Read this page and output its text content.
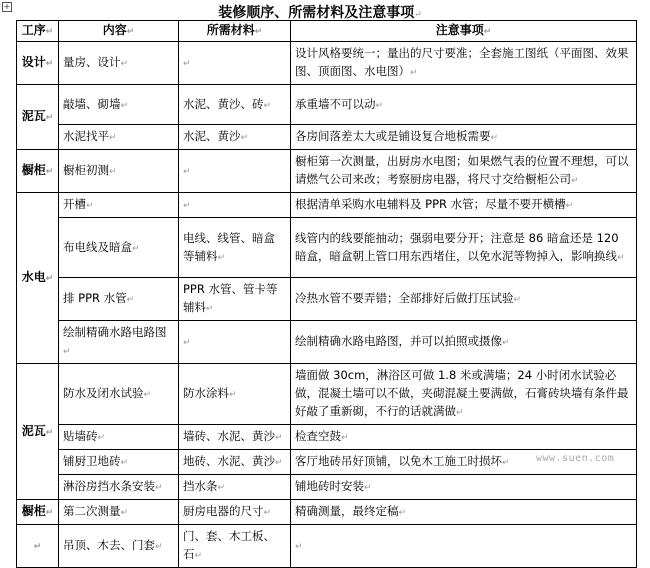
+	装修顺序、所需材料及注意事项↵
工序↵	内容↵	所需材料↵	注意事项↵
设计↵	量房、设计↵	↵	设计风格要统一；量出的尺寸要准；全套施工图纸（平面图、效果图、顶面图、水电图）↵
泥瓦↵	敲墙、砌墙↵	水泥、黄沙、砖↵	承重墙不可以动↵
	水泥找平↵	水泥、黄沙↵	各房间落差太大或是铺设复合地板需要↵
橱柜↵	橱柜初测↵	↵	橱柜第一次测量，出厨房水电图；如果燃气表的位置不理想，可以请燃气公司来改；考察厨房电器，将尺寸交给橱柜公司↵
水电↵	开槽↵	↵	根据清单采购水电辅料及 PPR 水管；尽量不要开横槽↵
	布电线及暗盒↵	电线、线管、暗盒等辅料↵	线管内的线要能抽动；强弱电要分开；注意是 86 暗盒还是 120 暗盒，暗盒朝上管口用东西堵住，以免水泥等物掉入，影响换线↵
	排 PPR 水管↵	PPR 水管、管卡等辅料↵	冷热水管不要弄错；全部排好后做打压试验↵
	绘制精确水路电路图↵	↵	绘制精确水路电路图，并可以拍照或摄像↵
泥瓦↵	防水及闭水试验↵	防水涂料↵	墙面做 30cm，淋浴区可做 1.8 米或满墙；24 小时闭水试验必做，混凝土墙可以不做，夹砌混凝土要满做，石膏砖块墙有条件最好敲了重新砌，不行的话就满做↵
	贴墙砖↵	墙砖、水泥、黄沙↵	检查空鼓↵
	铺厨卫地砖↵	地砖、水泥、黄沙↵	客厅地砖吊好顶铺，以免木工施工时损坏↵
	淋浴房挡水条安装↵	挡水条↵	铺地砖时安装↵
橱柜↵	第二次测量↵	厨房电器的尺寸↵	精确测量，最终定稿↵
↵	吊顶、木去、门套↵	门、套、木工板、石↵	↵
www.suen.com
